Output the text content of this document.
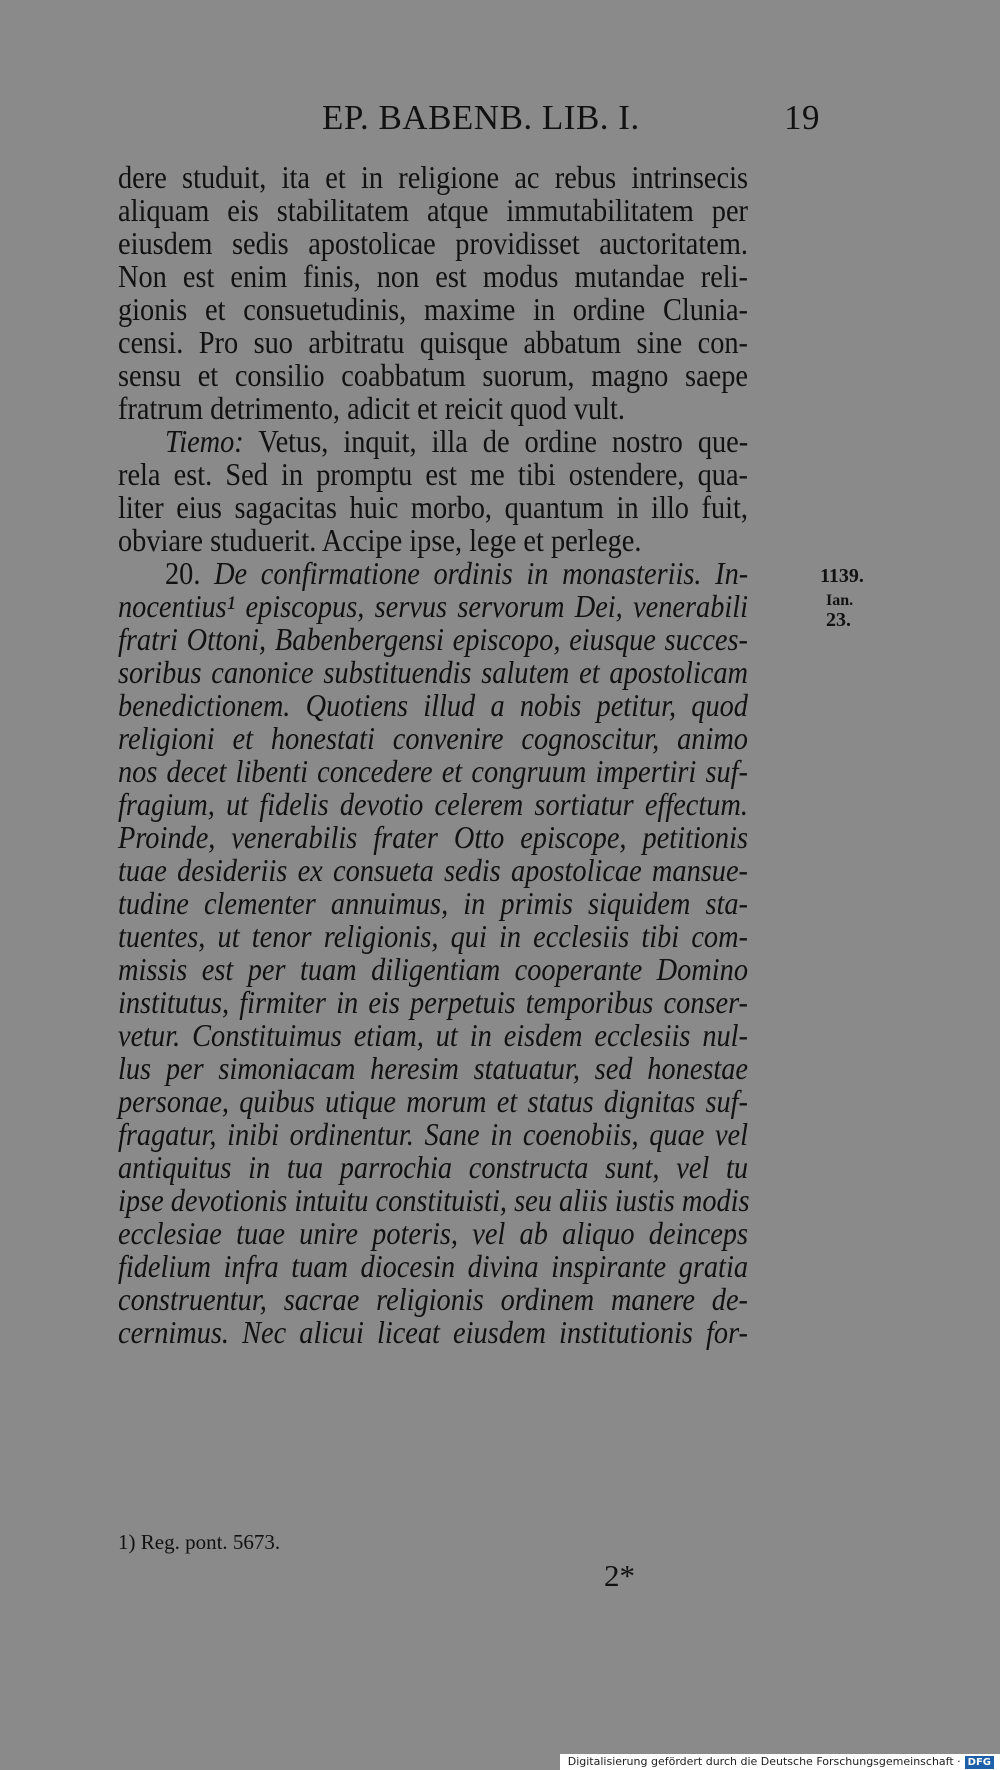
EP. BABENB. LIB. I.	19
dere studuit, ita et in religione ac rebus intrinsecis
aliquam eis stabilitatem atque immutabilitatem per
eiusdem sedis apostolicae providisset auctoritatem.
Non est enim finis, non est modus mutandae reli-
gionis et consuetudinis, maxime in ordine Clunia-
censi. Pro suo arbitratu quisque abbatum sine con-
sensu et consilio coabbatum suorum, magno saepe
fratrum detrimento, adicit et reicit quod vult.
Tiemo: Vetus, inquit, illa de ordine nostro que-
rela est. Sed in promptu est me tibi ostendere, qua-
liter eius sagacitas huic morbo, quantum in illo fuit,
obviare studuerit. Accipe ipse, lege et perlege.
20. De confirmatione ordinis in monasteriis. In-
nocentius¹ episcopus, servus servorum Dei, venerabili
fratri Ottoni, Babenbergensi episcopo, eiusque succes-
soribus canonice substituendis salutem et apostolicam
benedictionem. Quotiens illud a nobis petitur, quod
religioni et honestati convenire cognoscitur, animo
nos decet libenti concedere et congruum impertiri suf-
fragium, ut fidelis devotio celerem sortiatur effectum.
Proinde, venerabilis frater Otto episcope, petitionis
tuae desideriis ex consueta sedis apostolicae mansue-
tudine clementer annuimus, in primis siquidem sta-
tuentes, ut tenor religionis, qui in ecclesiis tibi com-
missis est per tuam diligentiam cooperante Domino
institutus, firmiter in eis perpetuis temporibus conser-
vetur. Constituimus etiam, ut in eisdem ecclesiis nul-
lus per simoniacam heresim statuatur, sed honestae
personae, quibus utique morum et status dignitas suf-
fragatur, inibi ordinentur. Sane in coenobiis, quae vel
antiquitus in tua parrochia constructa sunt, vel tu
ipse devotionis intuitu constituisti, seu aliis iustis modis
ecclesiae tuae unire poteris, vel ab aliquo deinceps
fidelium infra tuam diocesin divina inspirante gratia
construentur, sacrae religionis ordinem manere de-
cernimus. Nec alicui liceat eiusdem institutionis for-
1139.
Ian.
23.
1) Reg. pont. 5673.
2*
Digitalisierung gefördert durch die Deutsche Forschungsgemeinschaft · DFG
